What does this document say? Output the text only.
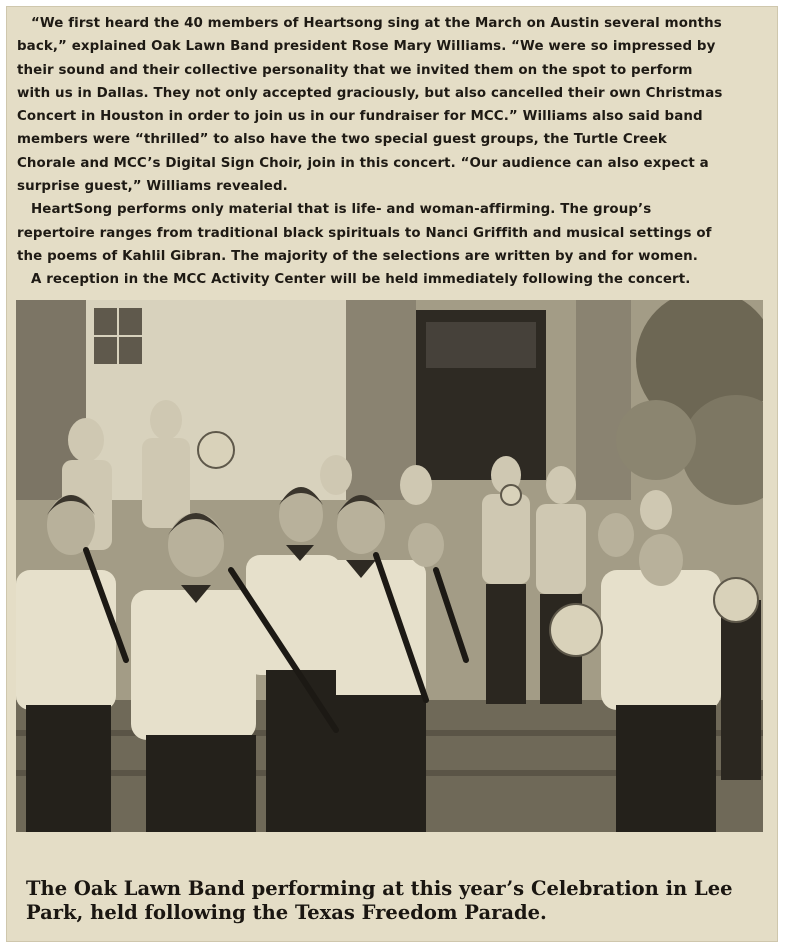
“We first heard the 40 members of Heartsong sing at the March on Austin several months back,” explained Oak Lawn Band president Rose Mary Williams. “We were so impressed by their sound and their collective personality that we invited them on the spot to perform with us in Dallas. They not only accepted graciously, but also cancelled their own Christmas Concert in Houston in order to join us in our fundraiser for MCC.” Williams also said band members were “thrilled” to also have the two special guest groups, the Turtle Creek Chorale and MCC’s Digital Sign Choir, join in this concert. “Our audience can also expect a surprise guest,” Williams revealed.

HeartSong performs only material that is life- and woman-affirming. The group’s repertoire ranges from traditional black spirituals to Nanci Griffith and musical settings of the poems of Kahlil Gibran. The majority of the selections are written by and for women.

A reception in the MCC Activity Center will be held immediately following the concert.

The Oak Lawn Band performing at this year’s Celebration in Lee Park, held following the Texas Freedom Parade.
